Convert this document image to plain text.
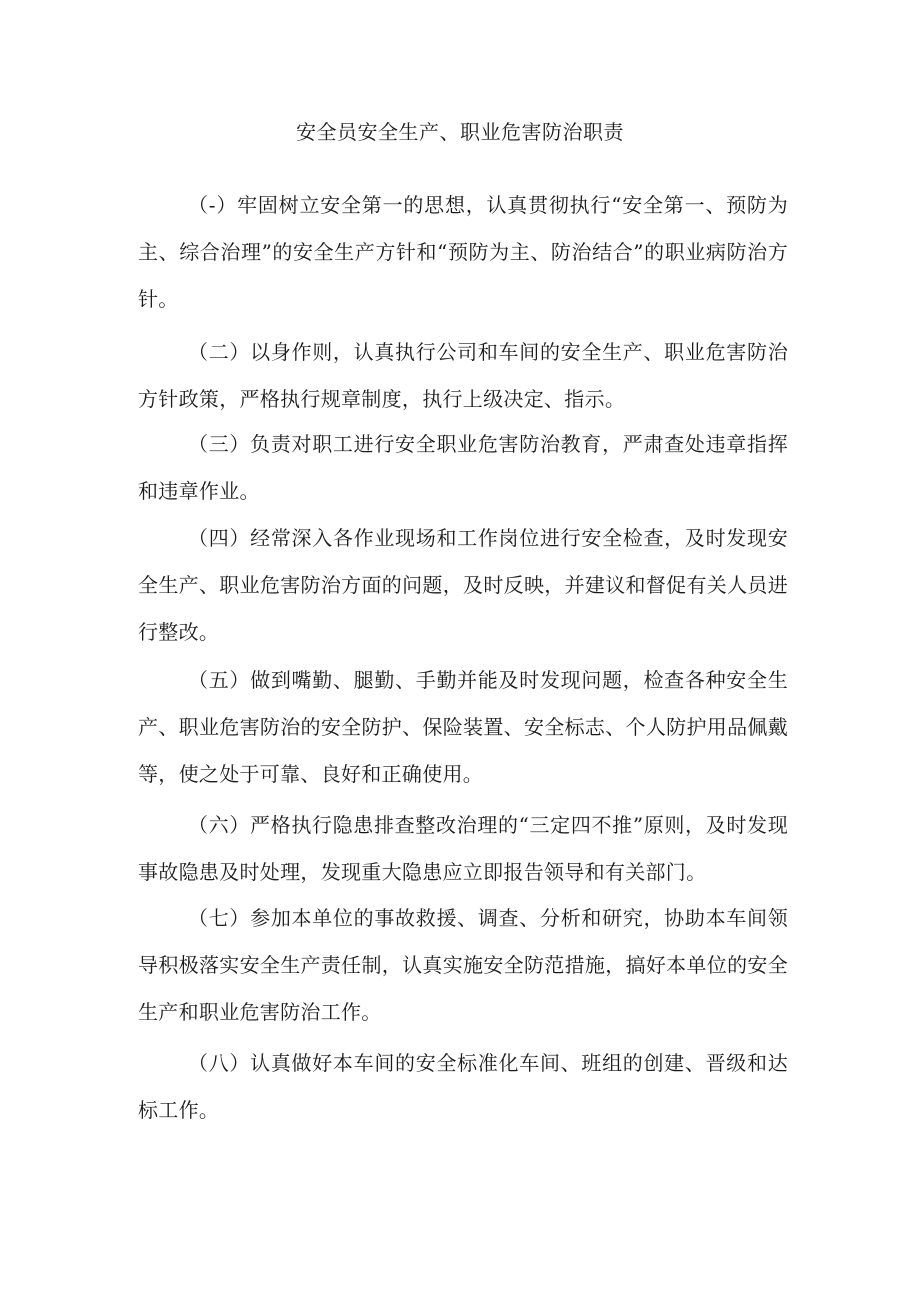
安全员安全生产、职业危害防治职责

（-）牢固树立安全第一的思想，认真贯彻执行“安全第一、预防为主、综合治理”的安全生产方针和“预防为主、防治结合”的职业病防治方针。

（二）以身作则，认真执行公司和车间的安全生产、职业危害防治方针政策，严格执行规章制度，执行上级决定、指示。

（三）负责对职工进行安全职业危害防治教育，严肃查处违章指挥和违章作业。

（四）经常深入各作业现场和工作岗位进行安全检查，及时发现安全生产、职业危害防治方面的问题，及时反映，并建议和督促有关人员进行整改。

（五）做到嘴勤、腿勤、手勤并能及时发现问题，检查各种安全生产、职业危害防治的安全防护、保险装置、安全标志、个人防护用品佩戴等，使之处于可靠、良好和正确使用。

（六）严格执行隐患排查整改治理的“三定四不推”原则，及时发现事故隐患及时处理，发现重大隐患应立即报告领导和有关部门。

（七）参加本单位的事故救援、调查、分析和研究，协助本车间领导积极落实安全生产责任制，认真实施安全防范措施，搞好本单位的安全生产和职业危害防治工作。

（八）认真做好本车间的安全标准化车间、班组的创建、晋级和达标工作。
